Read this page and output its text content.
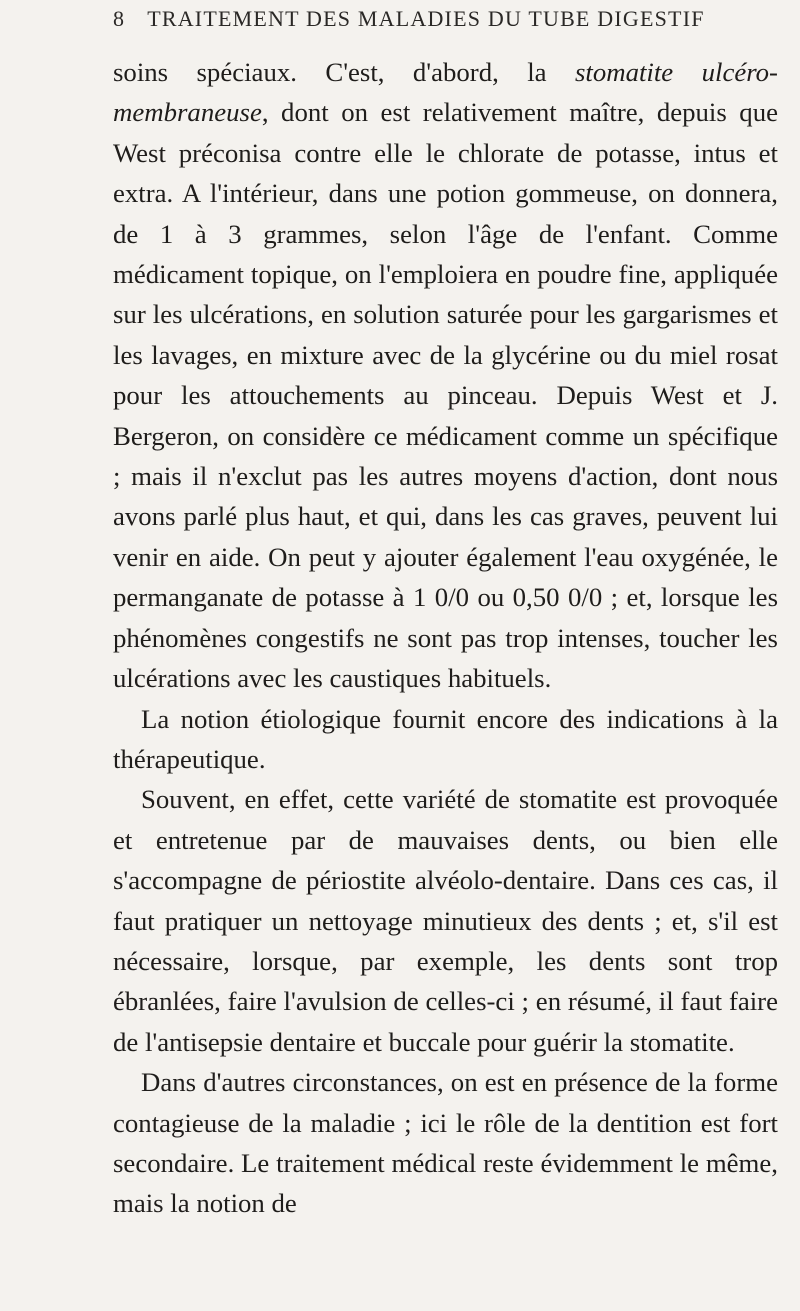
8 TRAITEMENT DES MALADIES DU TUBE DIGESTIF

soins spéciaux. C'est, d'abord, la stomatite ulcéro-membraneuse, dont on est relativement maître, depuis que West préconisa contre elle le chlorate de potasse, intus et extra. A l'intérieur, dans une potion gommeuse, on donnera, de 1 à 3 grammes, selon l'âge de l'enfant. Comme médicament topique, on l'emploiera en poudre fine, appliquée sur les ulcérations, en solution saturée pour les gargarismes et les lavages, en mixture avec de la glycérine ou du miel rosat pour les attouchements au pinceau. Depuis West et J. Bergeron, on considère ce médicament comme un spécifique ; mais il n'exclut pas les autres moyens d'action, dont nous avons parlé plus haut, et qui, dans les cas graves, peuvent lui venir en aide. On peut y ajouter également l'eau oxygénée, le permanganate de potasse à 1 0/0 ou 0,50 0/0 ; et, lorsque les phénomènes congestifs ne sont pas trop intenses, toucher les ulcérations avec les caustiques habituels.

La notion étiologique fournit encore des indications à la thérapeutique.

Souvent, en effet, cette variété de stomatite est provoquée et entretenue par de mauvaises dents, ou bien elle s'accompagne de périostite alvéolo-dentaire. Dans ces cas, il faut pratiquer un nettoyage minutieux des dents ; et, s'il est nécessaire, lorsque, par exemple, les dents sont trop ébranlées, faire l'avulsion de celles-ci ; en résumé, il faut faire de l'antisepsie dentaire et buccale pour guérir la stomatite.

Dans d'autres circonstances, on est en présence de la forme contagieuse de la maladie ; ici le rôle de la dentition est fort secondaire. Le traitement médical reste évidemment le même, mais la notion de
